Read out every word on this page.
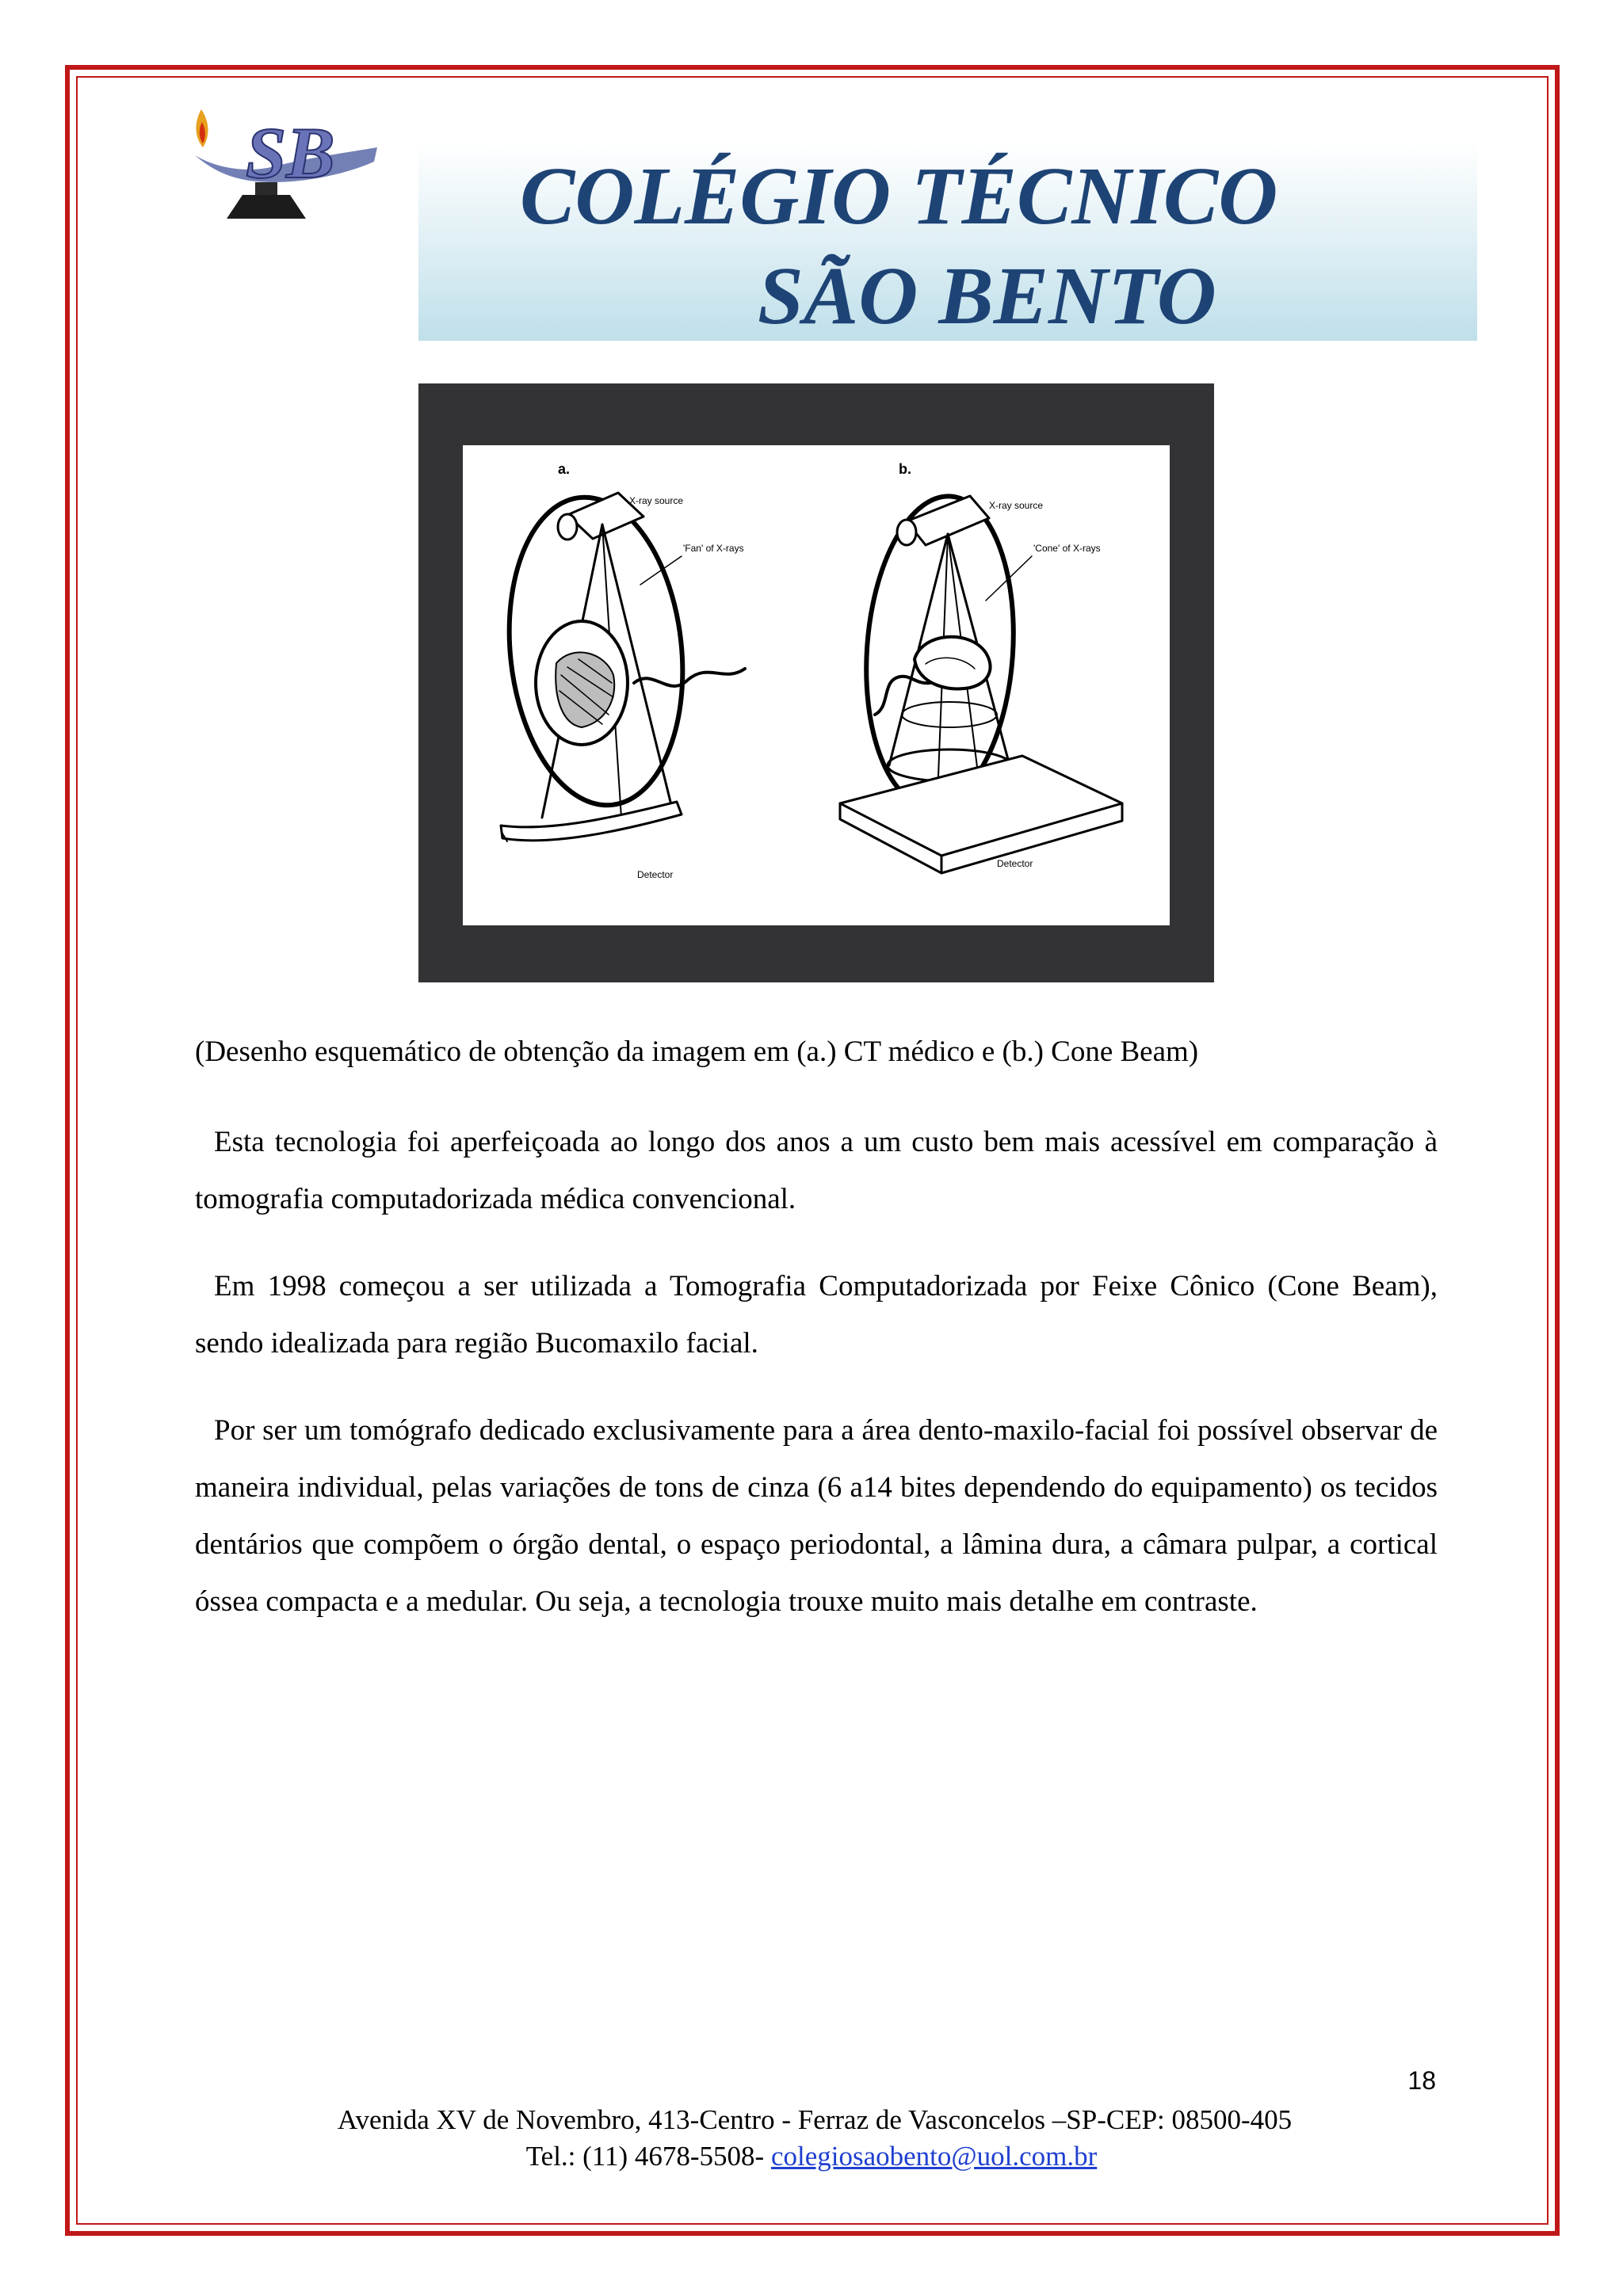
SB COLÉGIO TÉCNICO
SÃO BENTO
a.
X-ray source
'Fan' of X-rays
Detector
b.
X-ray source
'Cone' of X-rays
Detector
(Desenho esquemático de obtenção da imagem em (a.) CT médico e (b.) Cone Beam)
Esta tecnologia foi aperfeiçoada ao longo dos anos a um custo bem mais acessível em comparação à tomografia computadorizada médica convencional.
Em 1998 começou a ser utilizada a Tomografia Computadorizada por Feixe Cônico (Cone Beam), sendo idealizada para região Bucomaxilo facial.
Por ser um tomógrafo dedicado exclusivamente para a área dento-maxilo-facial foi possível observar de maneira individual, pelas variações de tons de cinza (6 a14 bites dependendo do equipamento) os tecidos dentários que compõem o órgão dental, o espaço periodontal, a lâmina dura, a câmara pulpar, a cortical óssea compacta e a medular. Ou seja, a tecnologia trouxe muito mais detalhe em contraste.
18
Avenida XV de Novembro, 413-Centro - Ferraz de Vasconcelos –SP-CEP: 08500-405
Tel.: (11) 4678-5508- colegiosaobento@uol.com.br
